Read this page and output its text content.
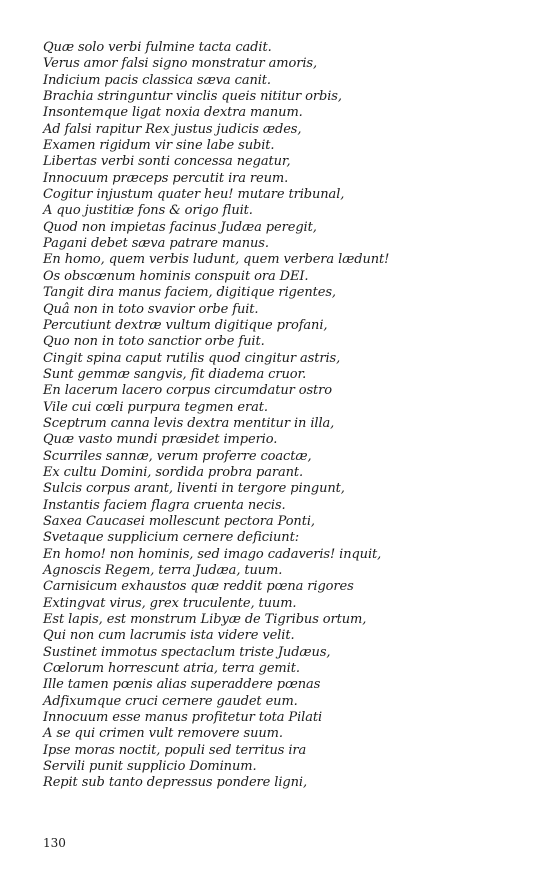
Quæ solo verbi fulmine tacta cadit.
Verus amor falsi signo monstratur amoris,
Indicium pacis classica sæva canit.
Brachia stringuntur vinclis queis nititur orbis,
Insontemque ligat noxia dextra manum.
Ad falsi rapitur Rex justus judicis ædes,
Examen rigidum vir sine labe subit.
Libertas verbi sonti concessa negatur,
Innocuum præceps percutit ira reum.
Cogitur injustum quater heu! mutare tribunal,
A quo justitiæ fons & origo fluit.
Quod non impietas facinus Judæa peregit,
Pagani debet sæva patrare manus.
En homo, quem verbis ludunt, quem verbera lædunt!
Os obscœnum hominis conspuit ora DEI.
Tangit dira manus faciem, digitique rigentes,
Quâ non in toto svavior orbe fuit.
Percutiunt dextræ vultum digitique profani,
Quo non in toto sanctior orbe fuit.
Cingit spina caput rutilis quod cingitur astris,
Sunt gemmæ sangvis, fit diadema cruor.
En lacerum lacero corpus circumdatur ostro
Vile cui cœli purpura tegmen erat.
Sceptrum canna levis dextra mentitur in illa,
Quæ vasto mundi præsidet imperio.
Scurriles sannæ, verum proferre coactæ,
Ex cultu Domini, sordida probra parant.
Sulcis corpus arant, liventi in tergore pingunt,
Instantis faciem flagra cruenta necis.
Saxea Caucasei mollescunt pectora Ponti,
Svetaque supplicium cernere deficiunt:
En homo! non hominis, sed imago cadaveris! inquit,
Agnoscis Regem, terra Judæa, tuum.
Carnisicum exhaustos quæ reddit pœna rigores
Extingvat virus, grex truculente, tuum.
Est lapis, est monstrum Libyæ de Tigribus ortum,
Qui non cum lacrumis ista videre velit.
Sustinet immotus spectaclum triste Judæus,
Cœlorum horrescunt atria, terra gemit.
Ille tamen pœnis alias superaddere pœnas
Adfixumque cruci cernere gaudet eum.
Innocuum esse manus profitetur tota Pilati
A se qui crimen vult removere suum.
Ipse moras noctit, populi sed territus ira
Servili punit supplicio Dominum.
Repit sub tanto depressus pondere ligni,
130
